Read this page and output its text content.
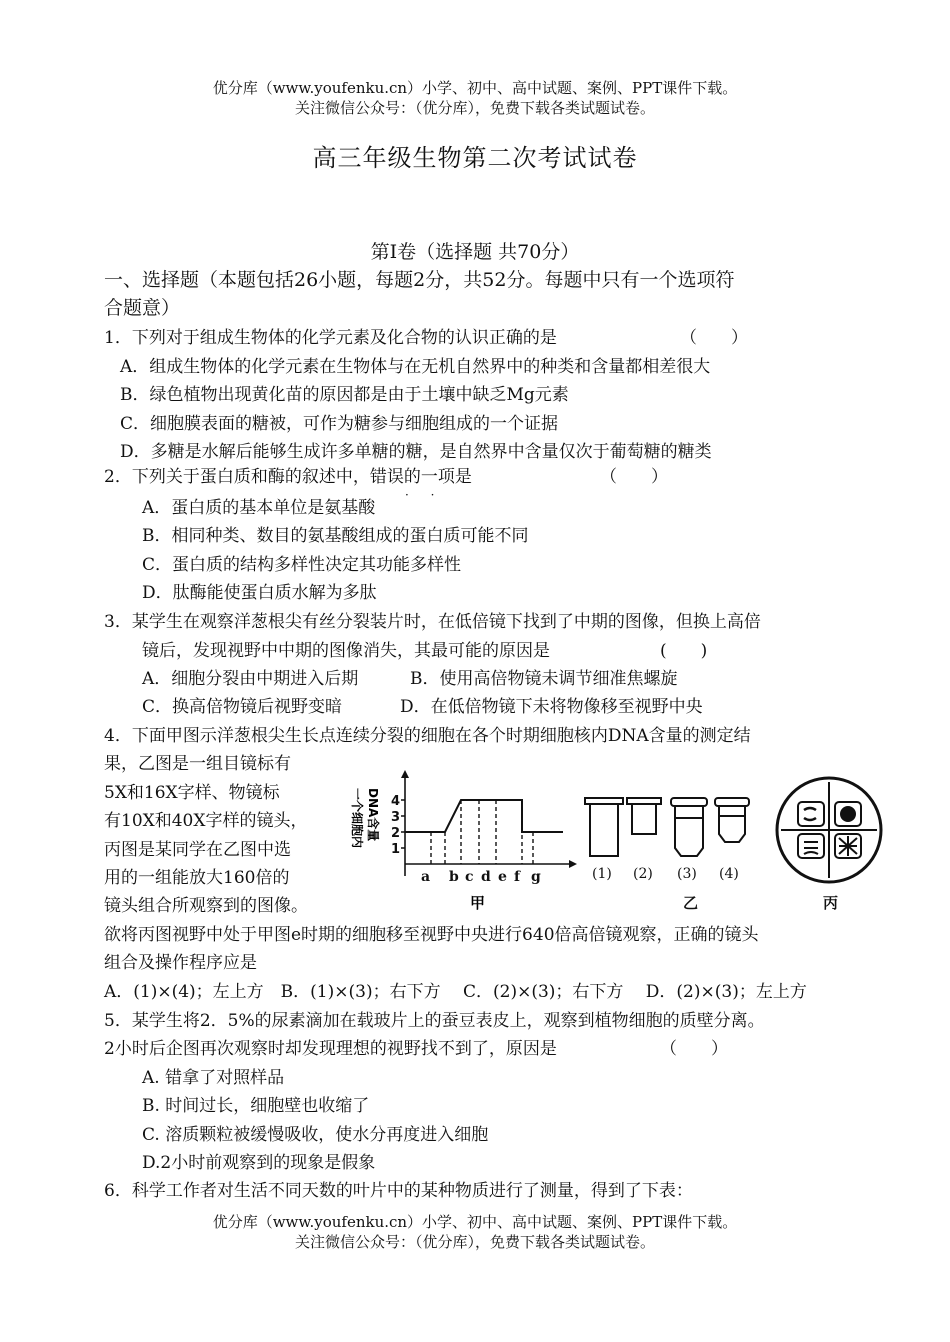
优分库（www.youfenku.cn）小学、初中、高中试题、案例、PPT课件下载。
关注微信公众号：（优分库），免费下载各类试题试卷。
高三年级生物第二次考试试卷
第Ⅰ卷（选择题 共70分）
一、选择题（本题包括26小题，每题2分，共52分。每题中只有一个选项符
合题意）
1．下列对于组成生物体的化学元素及化合物的认识正确的是	（　　）
A．组成生物体的化学元素在生物体与在无机自然界中的种类和含量都相差很大
B．绿色植物出现黄化苗的原因都是由于土壤中缺乏Mg元素
C．细胞膜表面的糖被，可作为糖参与细胞组成的一个证据
D．多糖是水解后能够生成许多单糖的糖，是自然界中含量仅次于葡萄糖的糖类
2．下列关于蛋白质和酶的叙述中，错误的一项是
· ·
（　　）
A．蛋白质的基本单位是氨基酸
B．相同种类、数目的氨基酸组成的蛋白质可能不同
C．蛋白质的结构多样性决定其功能多样性
D．肽酶能使蛋白质水解为多肽
3．某学生在观察洋葱根尖有丝分裂装片时，在低倍镜下找到了中期的图像，但换上高倍
镜后，发现视野中中期的图像消失，其最可能的原因是	(　　)
A．细胞分裂由中期进入后期	B．使用高倍物镜未调节细准焦螺旋
C．换高倍物镜后视野变暗	D．在低倍物镜下未将物像移至视野中央
4．下面甲图示洋葱根尖生长点连续分裂的细胞在各个时期细胞核内DNA含量的测定结
果，乙图是一组目镜标有
5X和16X字样、物镜标
有10X和40X字样的镜头，
丙图是某同学在乙图中选
用的一组能放大160倍的
镜头组合所观察到的图像。
欲将丙图视野中处于甲图e时期的细胞移至视野中央进行640倍高倍镜观察，正确的镜头
组合及操作程序应是
A．(1)×(4)；左上方　B．(1)×(3)；右下方　 C．(2)×(3)；右下方　 D．(2)×(3)；左上方
DNA含量
一个细胞内 4
3
2
1
a b c d e f g
甲
(1) (2) (3) (4)
乙	丙
5．某学生将2．5%的尿素滴加在载玻片上的蚕豆表皮上，观察到植物细胞的质壁分离。
2小时后企图再次观察时却发现理想的视野找不到了，原因是	（　　）
A. 错拿了对照样品
B. 时间过长，细胞壁也收缩了
C. 溶质颗粒被缓慢吸收，使水分再度进入细胞
D.2小时前观察到的现象是假象
6．科学工作者对生活不同天数的叶片中的某种物质进行了测量，得到了下表：
优分库（www.youfenku.cn）小学、初中、高中试题、案例、PPT课件下载。
关注微信公众号：（优分库），免费下载各类试题试卷。
